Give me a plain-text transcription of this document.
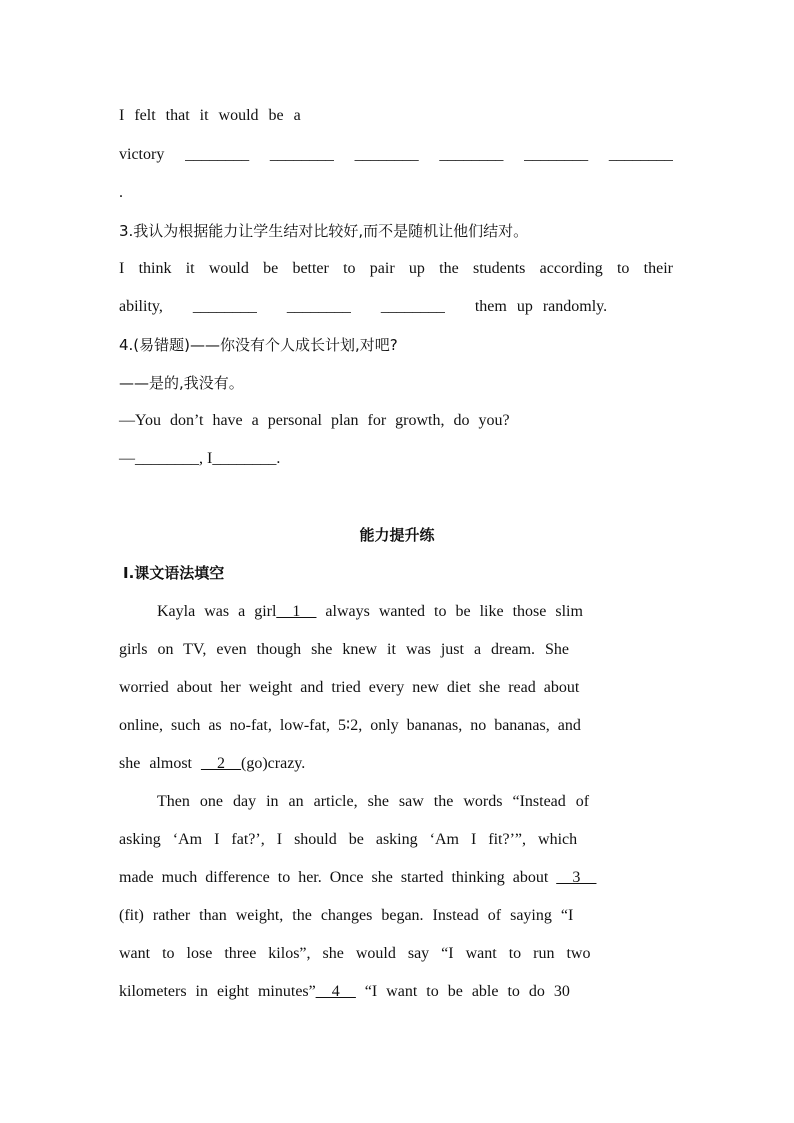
I felt that it would be a
victory ________ ________ ________ ________ ________ ________
.
3.我认为根据能力让学生结对比较好,而不是随机让他们结对。
I think it would be better to pair up the students according to their
ability, ________ ________ ________ them up randomly.
4.(易错题)——你没有个人成长计划,对吧?
——是的,我没有。
—You don’t have a personal plan for growth, do you?
—________, I________.
能力提升练
Ⅰ.课文语法填空
Kayla was a girl__1__ always wanted to be like those slim
girls on TV, even though she knew it was just a dream. She
worried about her weight and tried every new diet she read about
online, such as no-fat, low-fat, 5∶2, only bananas, no bananas, and
she almost __2__(go)crazy.
Then one day in an article, she saw the words “Instead of
asking ‘Am I fat?’, I should be asking ‘Am I fit?’”, which
made much difference to her. Once she started thinking about __3__
(fit) rather than weight, the changes began. Instead of saying “I
want to lose three kilos”, she would say “I want to run two
kilometers in eight minutes”__4__ “I want to be able to do 30
